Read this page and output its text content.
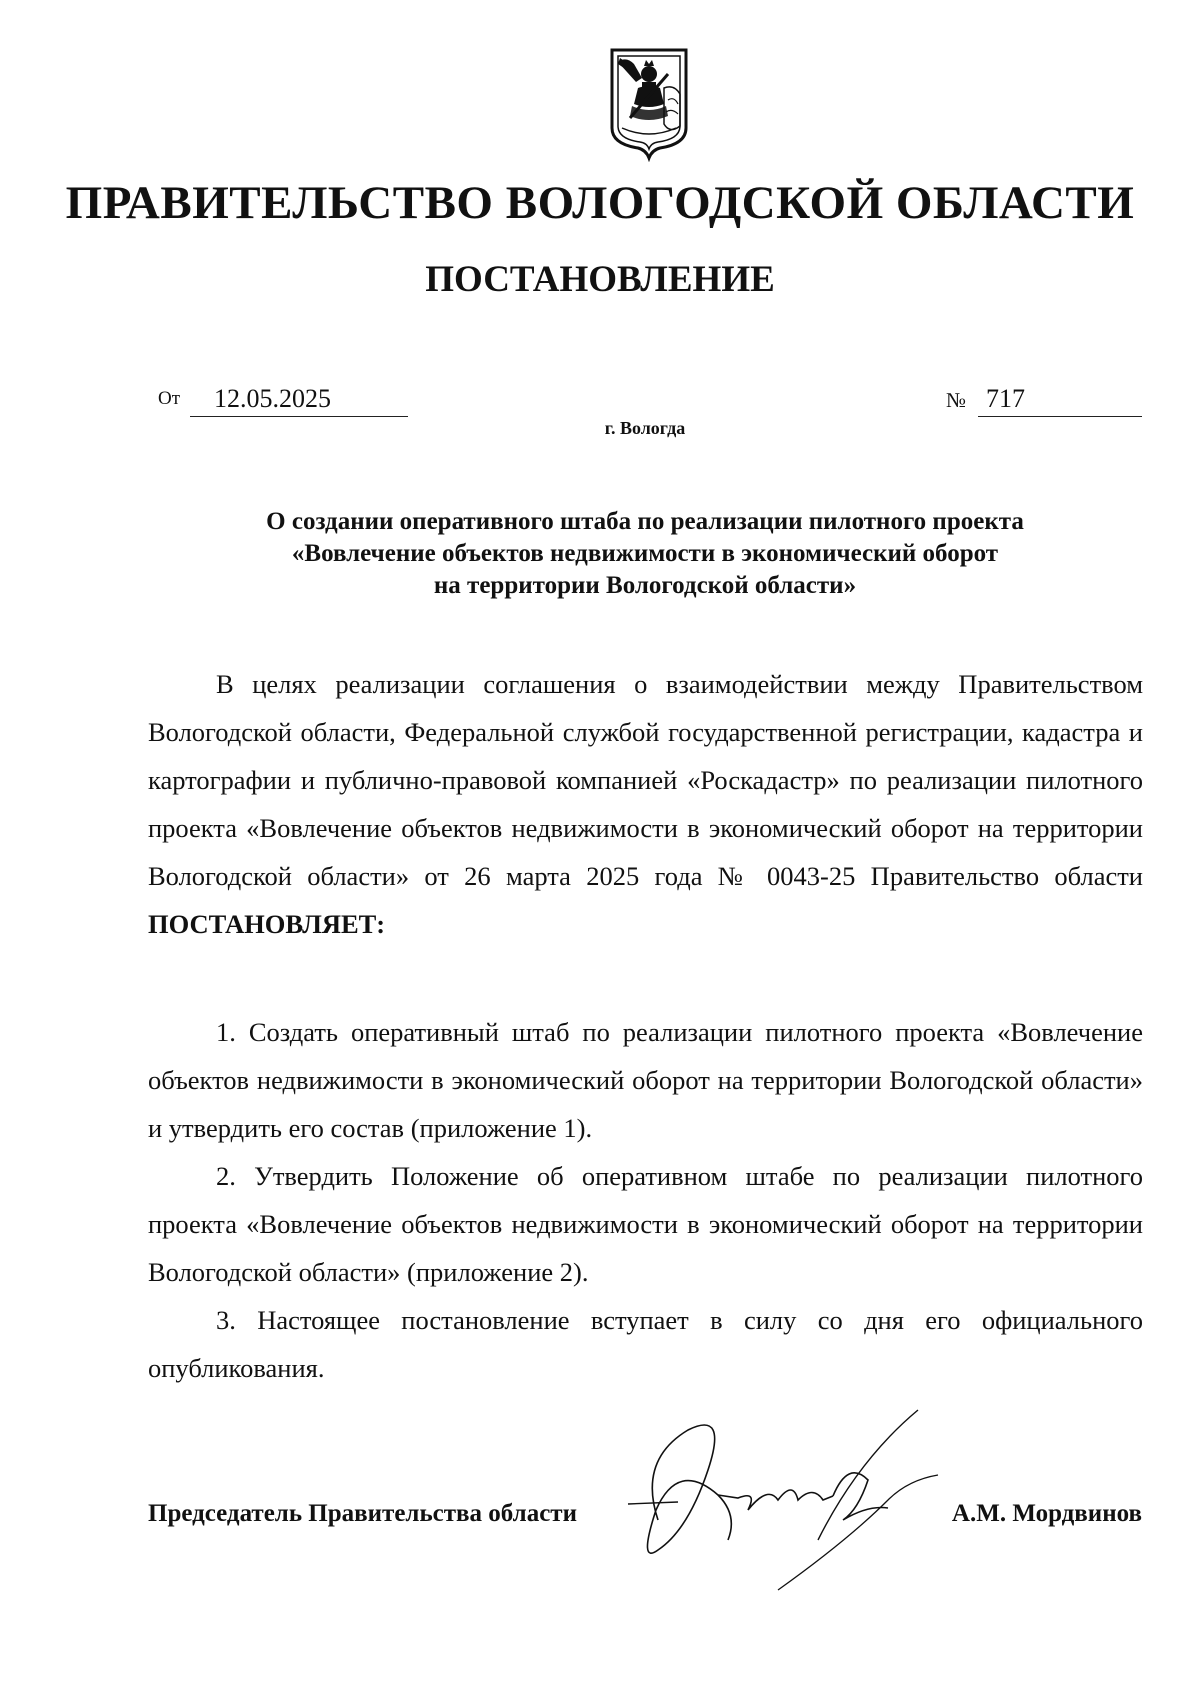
ПРАВИТЕЛЬСТВО ВОЛОГОДСКОЙ ОБЛАСТИ
ПОСТАНОВЛЕНИЕ
От 12.05.2025	№ 717
г. Вологда
О создании оперативного штаба по реализации пилотного проекта
«Вовлечение объектов недвижимости в экономический оборот
на территории Вологодской области»

В целях реализации соглашения о взаимодействии между Правительством Вологодской области, Федеральной службой государственной регистрации, кадастра и картографии и публично-правовой компанией «Роскадастр» по реализации пилотного проекта «Вовлечение объектов недвижимости в экономический оборот на территории Вологодской области» от 26 марта 2025 года № 0043-25 Правительство области ПОСТАНОВЛЯЕТ:

1. Создать оперативный штаб по реализации пилотного проекта «Вовлечение объектов недвижимости в экономический оборот на территории Вологодской области» и утвердить его состав (приложение 1).

2. Утвердить Положение об оперативном штабе по реализации пилотного проекта «Вовлечение объектов недвижимости в экономический оборот на территории Вологодской области» (приложение 2).

3. Настоящее постановление вступает в силу со дня его официального опубликования.

Председатель Правительства области	А.М. Мордвинов
